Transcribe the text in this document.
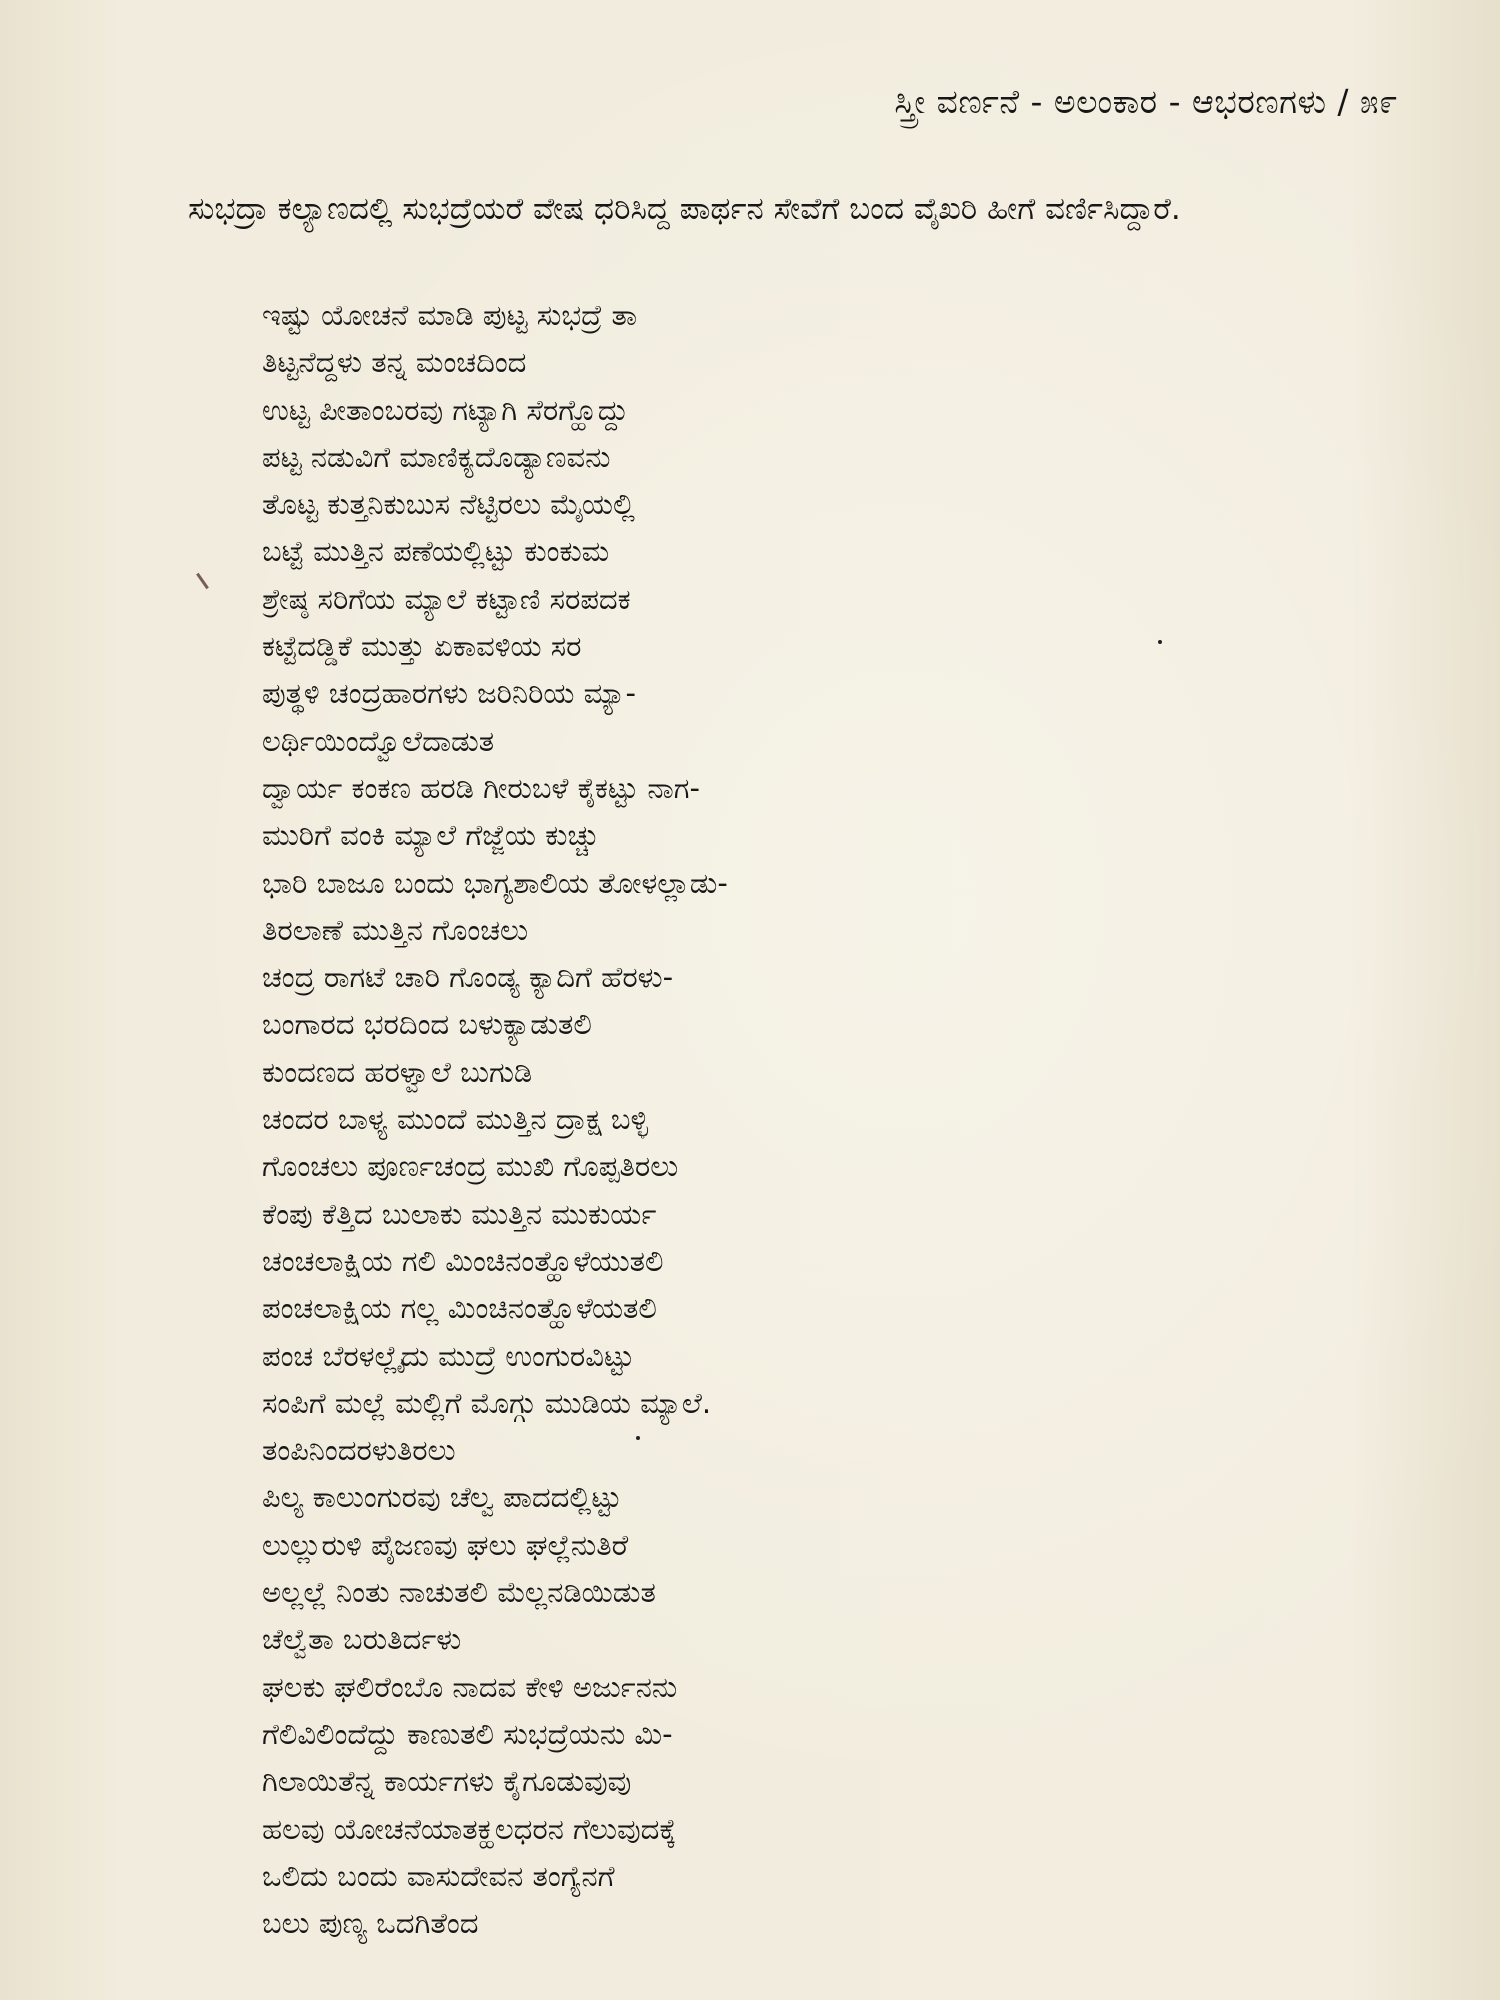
ಸ್ತ್ರೀ ವರ್ಣನೆ - ಅಲಂಕಾರ - ಆಭರಣಗಳು / ೫೯
ಸುಭದ್ರಾ ಕಲ್ಯಾಣದಲ್ಲಿ ಸುಭದ್ರೆಯರೆ ವೇಷ ಧರಿಸಿದ್ದ ಪಾರ್ಥನ ಸೇವೆಗೆ ಬಂದ ವೈಖರಿ ಹೀಗೆ ವರ್ಣಿಸಿದ್ದಾರೆ.
ಇಷ್ಟು ಯೋಚನೆ ಮಾಡಿ ಪುಟ್ಟ ಸುಭದ್ರೆ ತಾ
ತಿಟ್ಟನೆದ್ದಳು ತನ್ನ ಮಂಚದಿಂದ
ಉಟ್ಟ ಪೀತಾಂಬರವು ಗಟ್ಯಾಗಿ ಸೆರಗ್ಹೊದ್ದು
ಪಟ್ಟ ನಡುವಿಗೆ ಮಾಣಿಕ್ಯದೊಡ್ಯಾಣವನು
ತೊಟ್ಟ ಕುತ್ತನಿಕುಬುಸ ನೆಟ್ಟಿರಲು ಮೈಯಲ್ಲಿ
ಬಟ್ಟೆ ಮುತ್ತಿನ ಪಣೆಯಲ್ಲಿಟ್ಟು ಕುಂಕುಮ
ಶ್ರೇಷ್ಠ ಸರಿಗೆಯ ಮ್ಯಾಲೆ ಕಟ್ಟಾಣಿ ಸರಪದಕ
ಕಟ್ಟೆದಡ್ಡಿಕೆ ಮುತ್ತು ಏಕಾವಳಿಯ ಸರ
ಪುತ್ಥಳಿ ಚಂದ್ರಹಾರಗಳು ಜರಿನಿರಿಯ ಮ್ಯಾ-
ಲರ್ಥಿಯಿಂದ್ವೊಲೆದಾಡುತ
ದ್ವಾರ್ಯ ಕಂಕಣ ಹರಡಿ ಗೀರುಬಳೆ ಕೈಕಟ್ಟು ನಾಗ-
ಮುರಿಗೆ ವಂಕಿ ಮ್ಯಾಲೆ ಗೆಜ್ಜೆಯ ಕುಚ್ಚು
ಭಾರಿ ಬಾಜೂ ಬಂದು ಭಾಗ್ಯಶಾಲಿಯ ತೋಳಲ್ಲಾಡು-
ತಿರಲಾಣೆ ಮುತ್ತಿನ ಗೊಂಚಲು
ಚಂದ್ರ ರಾಗಟೆ ಚಾರಿ ಗೊಂಡ್ಯ ಕ್ಯಾದಿಗೆ ಹೆರಳು-
ಬಂಗಾರದ ಭರದಿಂದ ಬಳುಕ್ಯಾಡುತಲಿ
ಕುಂದಣದ ಹರಳ್ವಾಲೆ ಬುಗುಡಿ
ಚಂದರ ಬಾಳ್ಯ ಮುಂದೆ ಮುತ್ತಿನ ದ್ರಾಕ್ಷ ಬಳ್ಳಿ
ಗೊಂಚಲು ಪೂರ್ಣಚಂದ್ರ ಮುಖಿ ಗೊಪ್ಪತಿರಲು
ಕೆಂಪು ಕೆತ್ತಿದ ಬುಲಾಕು ಮುತ್ತಿನ ಮುಕುರ್ಯ
ಚಂಚಲಾಕ್ಷಿಯ ಗಲಿ ಮಿಂಚಿನಂತ್ಹೊಳೆಯುತಲಿ
ಪಂಚಲಾಕ್ಷಿಯ ಗಲ್ಲ ಮಿಂಚಿನಂತ್ಹೊಳೆಯತಲಿ
ಪಂಚ ಬೆರಳಲ್ಲೈದು ಮುದ್ರೆ ಉಂಗುರವಿಟ್ಟು
ಸಂಪಿಗೆ ಮಲ್ಲೆ ಮಲ್ಲಿಗೆ ಮೊಗ್ಗು ಮುಡಿಯ ಮ್ಯಾಲೆ.
ತಂಪಿನಿಂದರಳುತಿರಲು
ಪಿಲ್ಯ ಕಾಲುಂಗುರವು ಚೆಲ್ವ ಪಾದದಲ್ಲಿಟ್ಟು
ಲುಲ್ಲುರುಳಿ ಪೈಜಣವು ಘಲು ಘಲ್ಲೆನುತಿರೆ
ಅಲ್ಲಲ್ಲೆ ನಿಂತು ನಾಚುತಲಿ ಮೆಲ್ಲನಡಿಯಿಡುತ
ಚೆಲ್ವೆತಾ ಬರುತಿರ್ದಳು
ಘಲಕು ಘಲಿರೆಂಬೊ ನಾದವ ಕೇಳಿ ಅರ್ಜುನನು
ಗೆಲಿವಿಲಿಂದೆದ್ದು ಕಾಣುತಲಿ ಸುಭದ್ರೆಯನು ಮಿ-
ಗಿಲಾಯಿತೆನ್ನ ಕಾರ್ಯಗಳು ಕೈಗೂಡುವುವು
ಹಲವು ಯೋಚನೆಯಾತಕ್ಹಲಧರನ ಗೆಲುವುದಕ್ಕೆ
ಒಲಿದು ಬಂದು ವಾಸುದೇವನ ತಂಗ್ಯೆನಗೆ
ಬಲು ಪುಣ್ಯ ಒದಗಿತೆಂದ
